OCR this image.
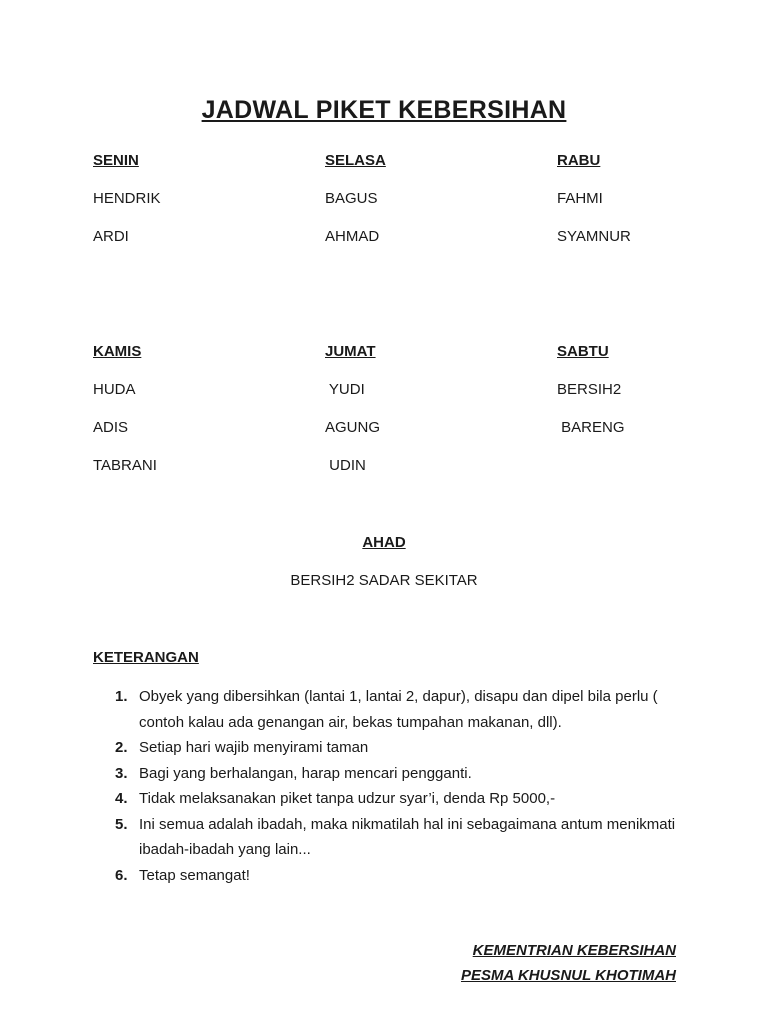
JADWAL PIKET KEBERSIHAN
SENIN
HENDRIK
ARDI
SELASA
BAGUS
AHMAD
RABU
FAHMI
SYAMNUR
KAMIS
HUDA
ADIS
TABRANI
JUMAT
YUDI
AGUNG
UDIN
SABTU
BERSIH2
BARENG
AHAD
BERSIH2 SADAR SEKITAR
KETERANGAN
1. Obyek yang dibersihkan (lantai 1, lantai 2, dapur), disapu dan dipel bila perlu ( contoh kalau ada genangan air, bekas tumpahan makanan, dll).
2. Setiap hari wajib menyirami taman
3. Bagi yang berhalangan, harap mencari pengganti.
4. Tidak melaksanakan piket tanpa udzur syar’i, denda Rp 5000,-
5. Ini semua adalah ibadah, maka nikmatilah hal ini sebagaimana antum menikmati ibadah-ibadah yang lain...
6. Tetap semangat!
KEMENTRIAN KEBERSIHAN
PESMA KHUSNUL KHOTIMAH
